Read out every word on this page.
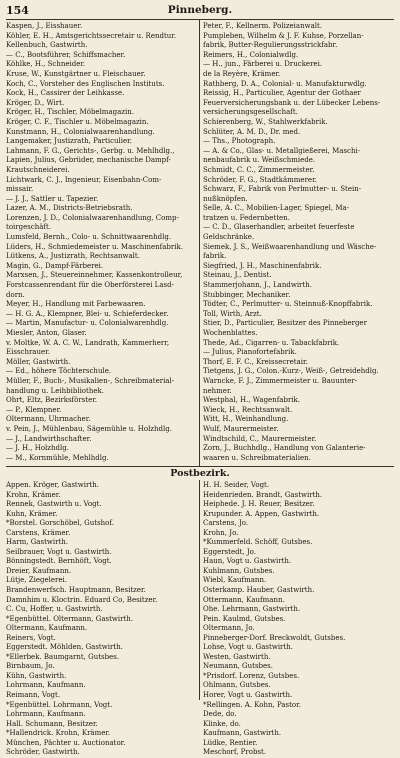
154	Pinneberg.
Kaspen, J., Eisshauer.
Köhler, E. H., Amtsgerichtssecretair u. Rendtur.
Kellenbuch, Gastwirth.
— C., Bootsführer, Schiffsmacher.
Köhlke, H., Schneider.
Kruse, W., Kunstgärtner u. Fleischauer.
Koch, C., Vorsteher des Englischen Instituts.
Kock, H., Cassirer der Leihkasse.
Kröger, D., Wirt.
Kröger, H., Tischler, Möbelmagazin.
Kröger, C. F., Tischler u. Möbelmagazin.
Kunstmann, H., Colonialwaarenhandlung.
Langemaker, Justizrath, Particulier.
Lahmann, F. G., Gerichts-, Gerbg. u. Mehlhdlg.,
Lapien, Julius, Gebrüder, mechanische Dampf-
Krautschneiderei.
Lichtwark, C. J., Ingenieur, Eisenbahn-Com-
missair.
— J. J., Sattler u. Tapezier.
Lazer, A. M., Districts-Betriebsrath.
Lorenzen, J. D., Colonialwaarenhandlung, Comp-
toirgeschäft.
Lumsfeld, Bernh., Colo- u. Schnittwaarenhdlg.
Lüders, H., Schmiedemeister u. Maschinenfabrik.
Lütkens, A., Justizrath, Rechtsanwalt.
Magin, G., Dampf-Färberei.
Marxsen, J., Steuereinnehmer, Kassenkontrolleur,
Forstcassenrendant für die Oberförsterei Lasd-
dorn.
Meyer, H., Handlung mit Farbewaaren.
— H. G. A., Klempner, Blei- u. Schieferdecker.
— Martin, Manufactur- u. Colonialwarenhdlg.
Miesler, Anton, Glaser.
v. Moltke, W. A. C. W., Landrath, Kammerherr,
Eisschrauer.
Möller, Gastwirth.
— Ed., höhere Töchterschule.
Müller, F., Buch-, Musikalien-, Schreibmaterial-
handlung u. Leihbibliothek.
Ohrt, Eltz, Bezirksförster.
— P., Klempner.
Oltermann, Uhrmacher.
v. Pein, J., Mühlenbau, Sägemühle u. Holzhdlg.
— J., Landwirthschafter.
— J. H., Holzhdlg.
— M., Kornmühle, Mehlhdlg.
Peter, F., Kellnerm. Polizeianwalt.
Pumpleben, Wilhelm & J. F. Kuhse, Porzellan-
fabrik, Butter-Regulierungsstrickfabr.
Reimers, H., Colonialwdlg.
— H., jun., Färberei u. Druckerei.
de la Reyère, Krämer.
Rathberg, D. A., Colonial- u. Manufakturwdlg.
Reissig, H., Particulier, Agentur der Gothaer
Feuerversicherungsbank u. der Lübecker Lebens-
versicherungsgesellschaft.
Schierenberg, W., Stahlwerkfabrik.
Schlüter, A. M. D., Dr. med.
— Ths., Photograph.
— A. & Co., Glas- u. Metallgießerei, Maschi-
nenbaufabrik u. Weißschmiede.
Schmidt, C. C., Zimmermeister.
Schröder, F. G., Stadtkämmerer.
Schwarz, F., Fabrik von Perlmutter- u. Stein-
nußknöpfen.
Selle, A. C., Mobilien-Lager, Spiegel, Ma-
tratzen u. Federnbetten.
— C. D., Glaserhandler, arbeitet feuerfeste
Geldschränke.
Siemek, J. S., Weißwaarenhandlung und Wäsche-
fabrik.
Siegfried, J. H., Maschinenfabrik.
Steinau, J., Dentist.
Stammerjohann, J., Landwirth.
Stubbinger, Mechaniker.
Tödter, C., Perlmutter- u. Steinnuß-Knopffabrik.
Toll, Wirth, Arzt.
Stier, D., Particulier, Besitzer des Pinneberger
Wochenblattes.
Thede, Ad., Cigarren- u. Tabackfabrik.
— Julius, Pianofortefabrik.
Thorf, E. F. C., Kreissecretair.
Tietgens, J. G., Colon.-Kurz-, Weiß-, Getreidehdlg.
Warncke, F. J., Zimmermeister u. Bauunter-
nehmer.
Westphal, H., Wagenfabrik.
Wieck, H., Rechtsanwalt.
Witt, H., Weinhandlung.
Wulf, Maurermeister.
Windtschild, C., Maurermeister.
Zorn, J., Buchhdlg., Handlung von Galanterie-
waaren u. Schreibmaterialien.
Postbezirk.
Appen. Kröger, Gastwirth.
Krohn, Krämer.
Rennek, Gastwirth u. Vogt.
Kuhn, Krämer.
*Borstel. Gorschöbel, Gutshof.
Carstens, Krämer.
Harm, Gastwirth.
Seilbrauer, Vogt u. Gastwirth.
Bönningstedt. Bernhöft, Vogt.
Dreier, Kaufmann.
Lütje, Ziegelerei.
Brandenwerfsch. Hauptmann, Besitzer.
Damnhim u. Kloctrin. Eduard Co, Besitzer.
C. Cu, Hoffer, u. Gastwirth.
*Egenbüttel. Oltermann, Gastwirth.
Oltermann, Kaufmann.
Reiners, Vogt.
Eggerstedt. Möhlden, Gastwirth.
*Ellerbek. Baumgarnt, Gutsbes.
Birnbaum, Jo.
Kühn, Gastwirth.
Lohrmann, Kaufmann.
Reimann, Vogt.
*Egenbüttel. Lohrmann, Vogt.
Lohrmann, Kaufmann.
Hall. Schumann, Besitzer.
*Hallendrick. Krohn, Krämer.
München, Pächter u. Auctionator.
Schröder, Gastwirth.
H. H. Seider, Vogt.
Heidenrieden. Brandt, Gastwirth.
Heiphede. J. H. Reuer, Besitzer.
Krupunder. A. Appen, Gastwirth.
Carstens, Jo.
Krohn, Jo.
*Kummerfeld. Schöff, Gutsbes.
Eggerstedt, Jo.
Haun, Vogt u. Gastwirth.
Kuhlmann, Gutsbes.
Wiebl, Kaufmann.
Osterkamp. Hauber, Gastwirth.
Ottermann, Kaufmann.
Ohe. Lehrmann, Gastwirth.
Pein. Kaulmd, Gutsbes.
Oltermann, Jo.
Pinneberger-Dorf. Breckwoldt, Gutsbes.
Lohse, Vogt u. Gastwirth.
Westen, Gastwirth.
Neumann, Gutsbes.
*Prisdorf. Lorenz, Gutsbes.
Ohlmann, Gutsbes.
Horer, Vogt u. Gastwirth.
*Rellingen. A. Kohn, Pastor.
Dede, do.
Klinke, do.
Kaufmann, Gastwirth.
Lüdke, Rentier.
Meschorf, Probst.
